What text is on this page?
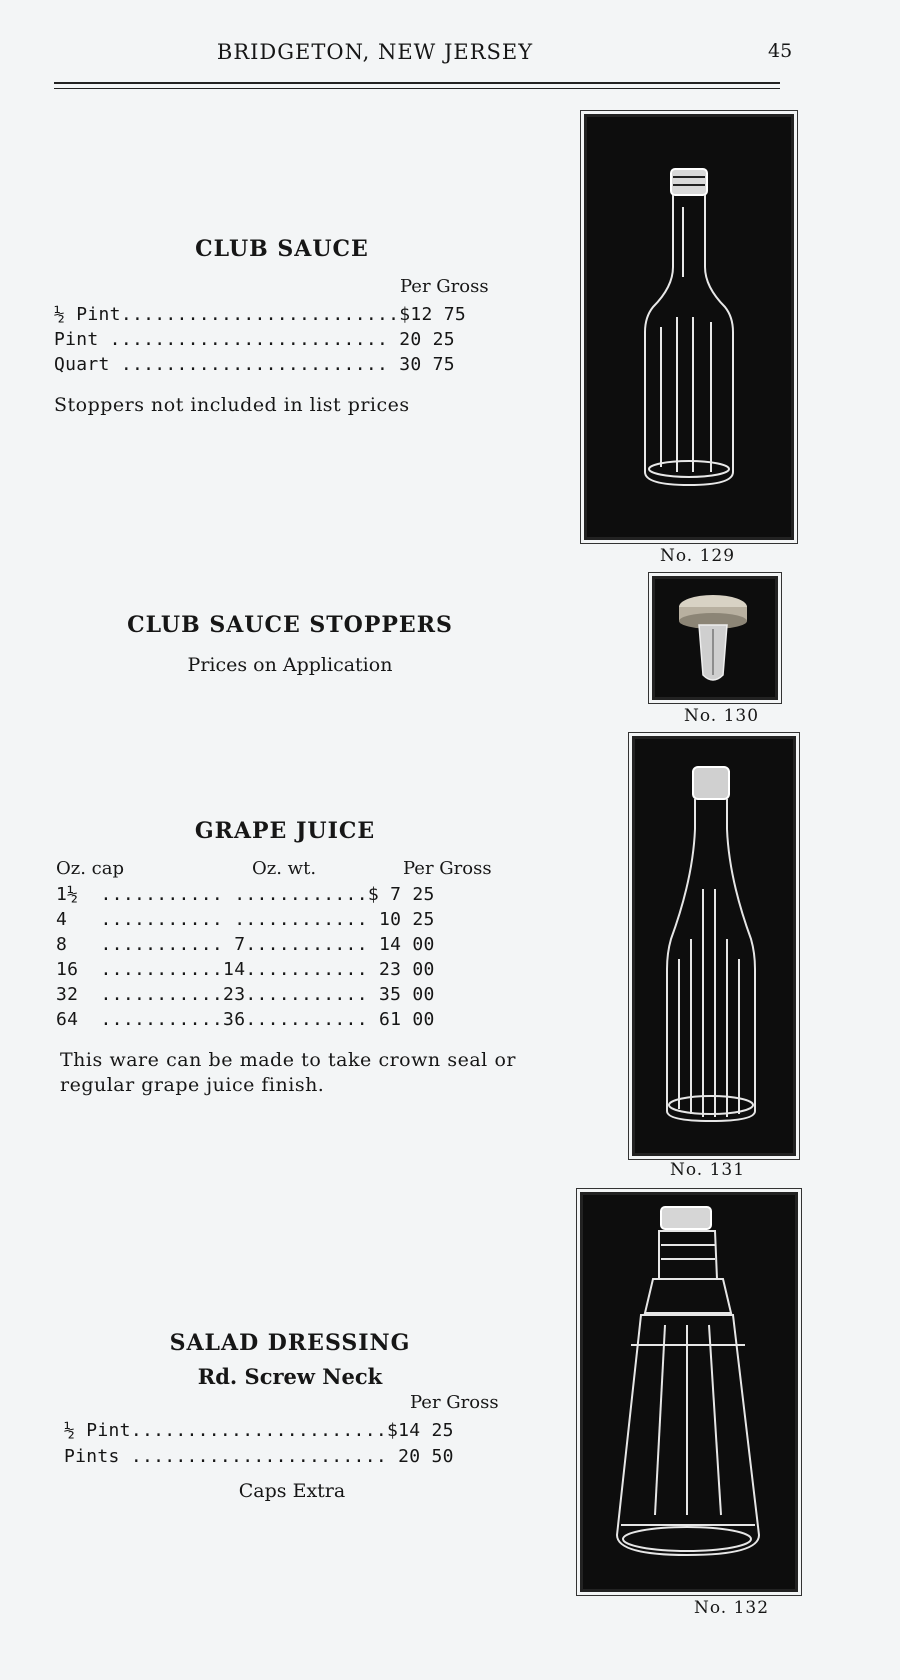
BRIDGETON, NEW JERSEY	45
CLUB SAUCE
Per Gross
½ Pint.........................$12 75
Pint ......................... 20 25
Quart ........................ 30 75
Stoppers not included in list prices
No. 129
CLUB SAUCE STOPPERS
Prices on Application
No. 130
GRAPE JUICE
Oz. cap	Oz. wt.	Per Gross
1½  ........... ............$ 7 25
4   ........... ............ 10 25
8   ........... 7........... 14 00
16  ...........14........... 23 00
32  ...........23........... 35 00
64  ...........36........... 61 00
This ware can be made to take crown seal or regular grape juice finish.
No. 131
SALAD DRESSING
Rd. Screw Neck
Per Gross
½ Pint.......................$14 25
Pints ....................... 20 50
Caps Extra
No. 132
